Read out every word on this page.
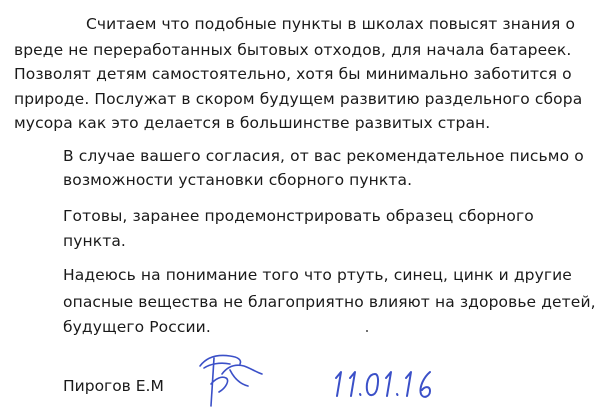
Считаем что подобные пункты в школах повысят знания о
вреде не переработанных бытовых отходов, для начала батареек.
Позволят детям самостоятельно, хотя бы минимально заботится о
природе. Послужат в скором будущем развитию раздельного сбора
мусора как это делается в большинстве развитых стран.
В случае вашего согласия, от вас рекомендательное письмо о
возможности установки сборного пункта.
Готовы, заранее продемонстрировать образец сборного
пункта.
Надеюсь на понимание того что ртуть, синец, цинк и другие
опасные вещества не благоприятно влияют на здоровье детей,
будущего России.
Пирогов Е.М
